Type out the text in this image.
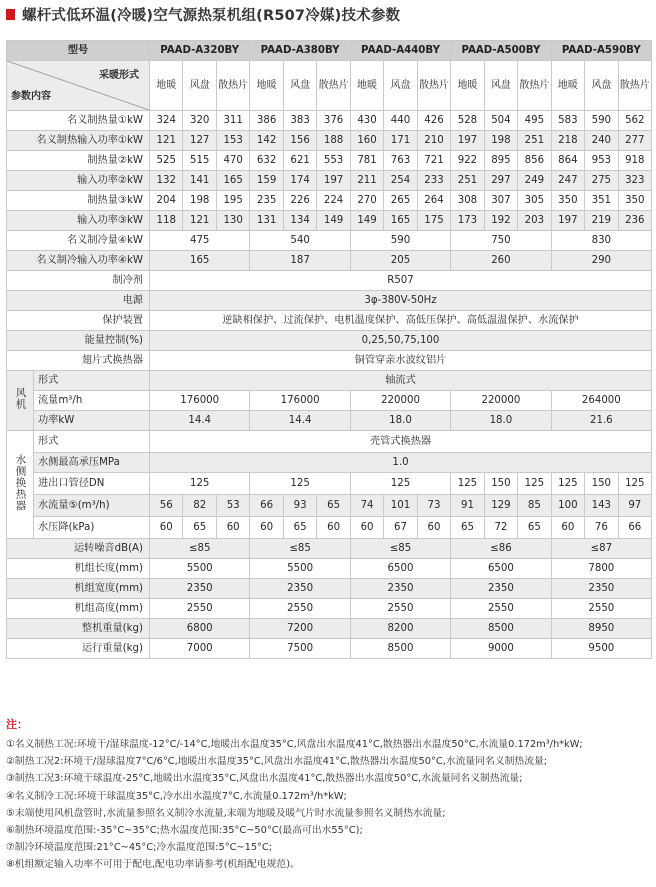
螺杆式低环温(冷暖)空气源热泵机组(R507冷媒)技术参数
型号		PAAD-A320BY			PAAD-A380BY			PAAD-A440BY			PAAD-A500BY			PAAD-A590BY		

采暖形式
参数内容		地暖	风盘	散热片	地暖	风盘	散热片	地暖	风盘	散热片	地暖	风盘	散热片	地暖	风盘	散热片
名义制热量①kW		324	320	311	386	383	376	430	440	426	528	504	495	583	590	562
名义制热输入功率①kW		121	127	153	142	156	188	160	171	210	197	198	251	218	240	277
制热量②kW		525	515	470	632	621	553	781	763	721	922	895	856	864	953	918
输入功率②kW		132	141	165	159	174	197	211	254	233	251	297	249	247	275	323
制热量③kW		204	198	195	235	226	224	270	265	264	308	307	305	350	351	350
输入功率③kW		118	121	130	131	134	149	149	165	175	173	192	203	197	219	236
名义制冷量④kW		475			540			590			750			830		
名义制冷输入功率④kW		165			187			205			260			290		
制冷剂		R507														
电源		3φ-380V-50Hz														
保护装置		逆缺相保护、过流保护、电机温度保护、高低压保护、高低温温保护、水流保护														
能量控制(%)		0,25,50,75,100														
翅片式换热器		铜管穿亲水波纹铝片														
风机	形式	轴流式														
	流量m³/h	176000			176000			220000			220000			264000		
	功率kW	14.4			14.4			18.0			18.0			21.6		
水侧换热器	形式	壳管式换热器														
	水侧最高承压MPa	1.0														
	进出口管径DN	125			125			125			125	150	125	125	150	125
	水流量⑤(m³/h)	56	82	53	66	93	65	74	101	73	91	129	85	100	143	97
	水压降(kPa)	60	65	60	60	65	60	60	67	60	65	72	65	60	76	66
运转噪音dB(A)		≤85			≤85			≤85			≤86			≤87		
机组长度(mm)		5500			5500			6500			6500			7800		
机组宽度(mm)		2350			2350			2350			2350			2350		
机组高度(mm)		2550			2550			2550			2550			2550		
整机重量(kg)		6800			7200			8200			8500			8950		
运行重量(kg)		7000			7500			8500			9000			9500		
注：
①名义制热工况:环境干/湿球温度-12°C/-14°C,地暖出水温度35°C,风盘出水温度41°C,散热器出水温度50°C,水流量0.172m³/h*kW;
②制热工况2:环境干/湿球温度7°C/6°C,地暖出水温度35°C,风盘出水温度41°C,散热器出水温度50°C,水流量同名义制热流量;
③制热工况3:环境干球温度-25°C,地暖出水温度35°C,风盘出水温度41°C,散热器出水温度50°C,水流量同名义制热流量;
④名义制冷工况:环境干球温度35°C,冷水出水温度7°C,水流量0.172m³/h*kW;
⑤末端使用风机盘管时,水流量参照名义制冷水流量,末端为地暖及暖气片时水流量参照名义制热水流量;
⑥制热环境温度范围:-35°C~35°C;热水温度范围:35°C~50°C(最高可出水55°C);
⑦制冷环境温度范围:21°C~45°C;冷水温度范围:5°C~15°C;
⑧机组额定输入功率不可用于配电,配电功率请参考(机组配电规范)。
